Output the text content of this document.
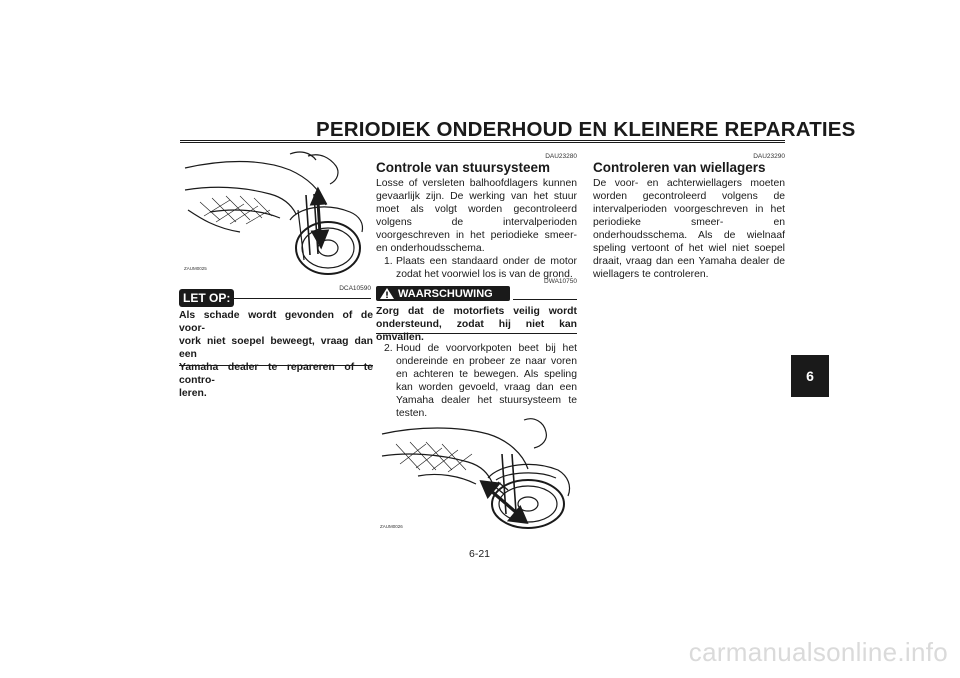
PERIODIEK ONDERHOUD EN KLEINERE REPARATIES
6
ZAUM0025
DCA10590
LET OP:
Als schade wordt gevonden of de voor-
vork niet soepel beweegt, vraag dan een
Yamaha dealer te repareren of te contro-
leren.
DAU23280
Controle van stuursysteem
Losse of versleten balhoofdlagers kunnen gevaarlijk zijn. De werking van het stuur moet als volgt worden gecontroleerd volgens de intervalperioden voorgeschreven in het periodieke smeer- en onderhoudsschema.
1. Plaats een standaard onder de motor zodat het voorwiel los is van de grond.
DWA10750
WAARSCHUWING
Zorg dat de motorfiets veilig wordt ondersteund, zodat hij niet kan omvallen.
2. Houd de voorvorkpoten beet bij het ondereinde en probeer ze naar voren en achteren te bewegen. Als speling kan worden gevoeld, vraag dan een Yamaha dealer het stuursysteem te testen.
ZAUM0026
DAU23290
Controleren van wiellagers
De voor- en achterwiellagers moeten worden gecontroleerd volgens de intervalperioden voorgeschreven in het periodieke smeer- en onderhoudsschema. Als de wielnaaf speling vertoont of het wiel niet soepel draait, vraag dan een Yamaha dealer de wiellagers te controleren.
6-21
carmanualsonline.info
